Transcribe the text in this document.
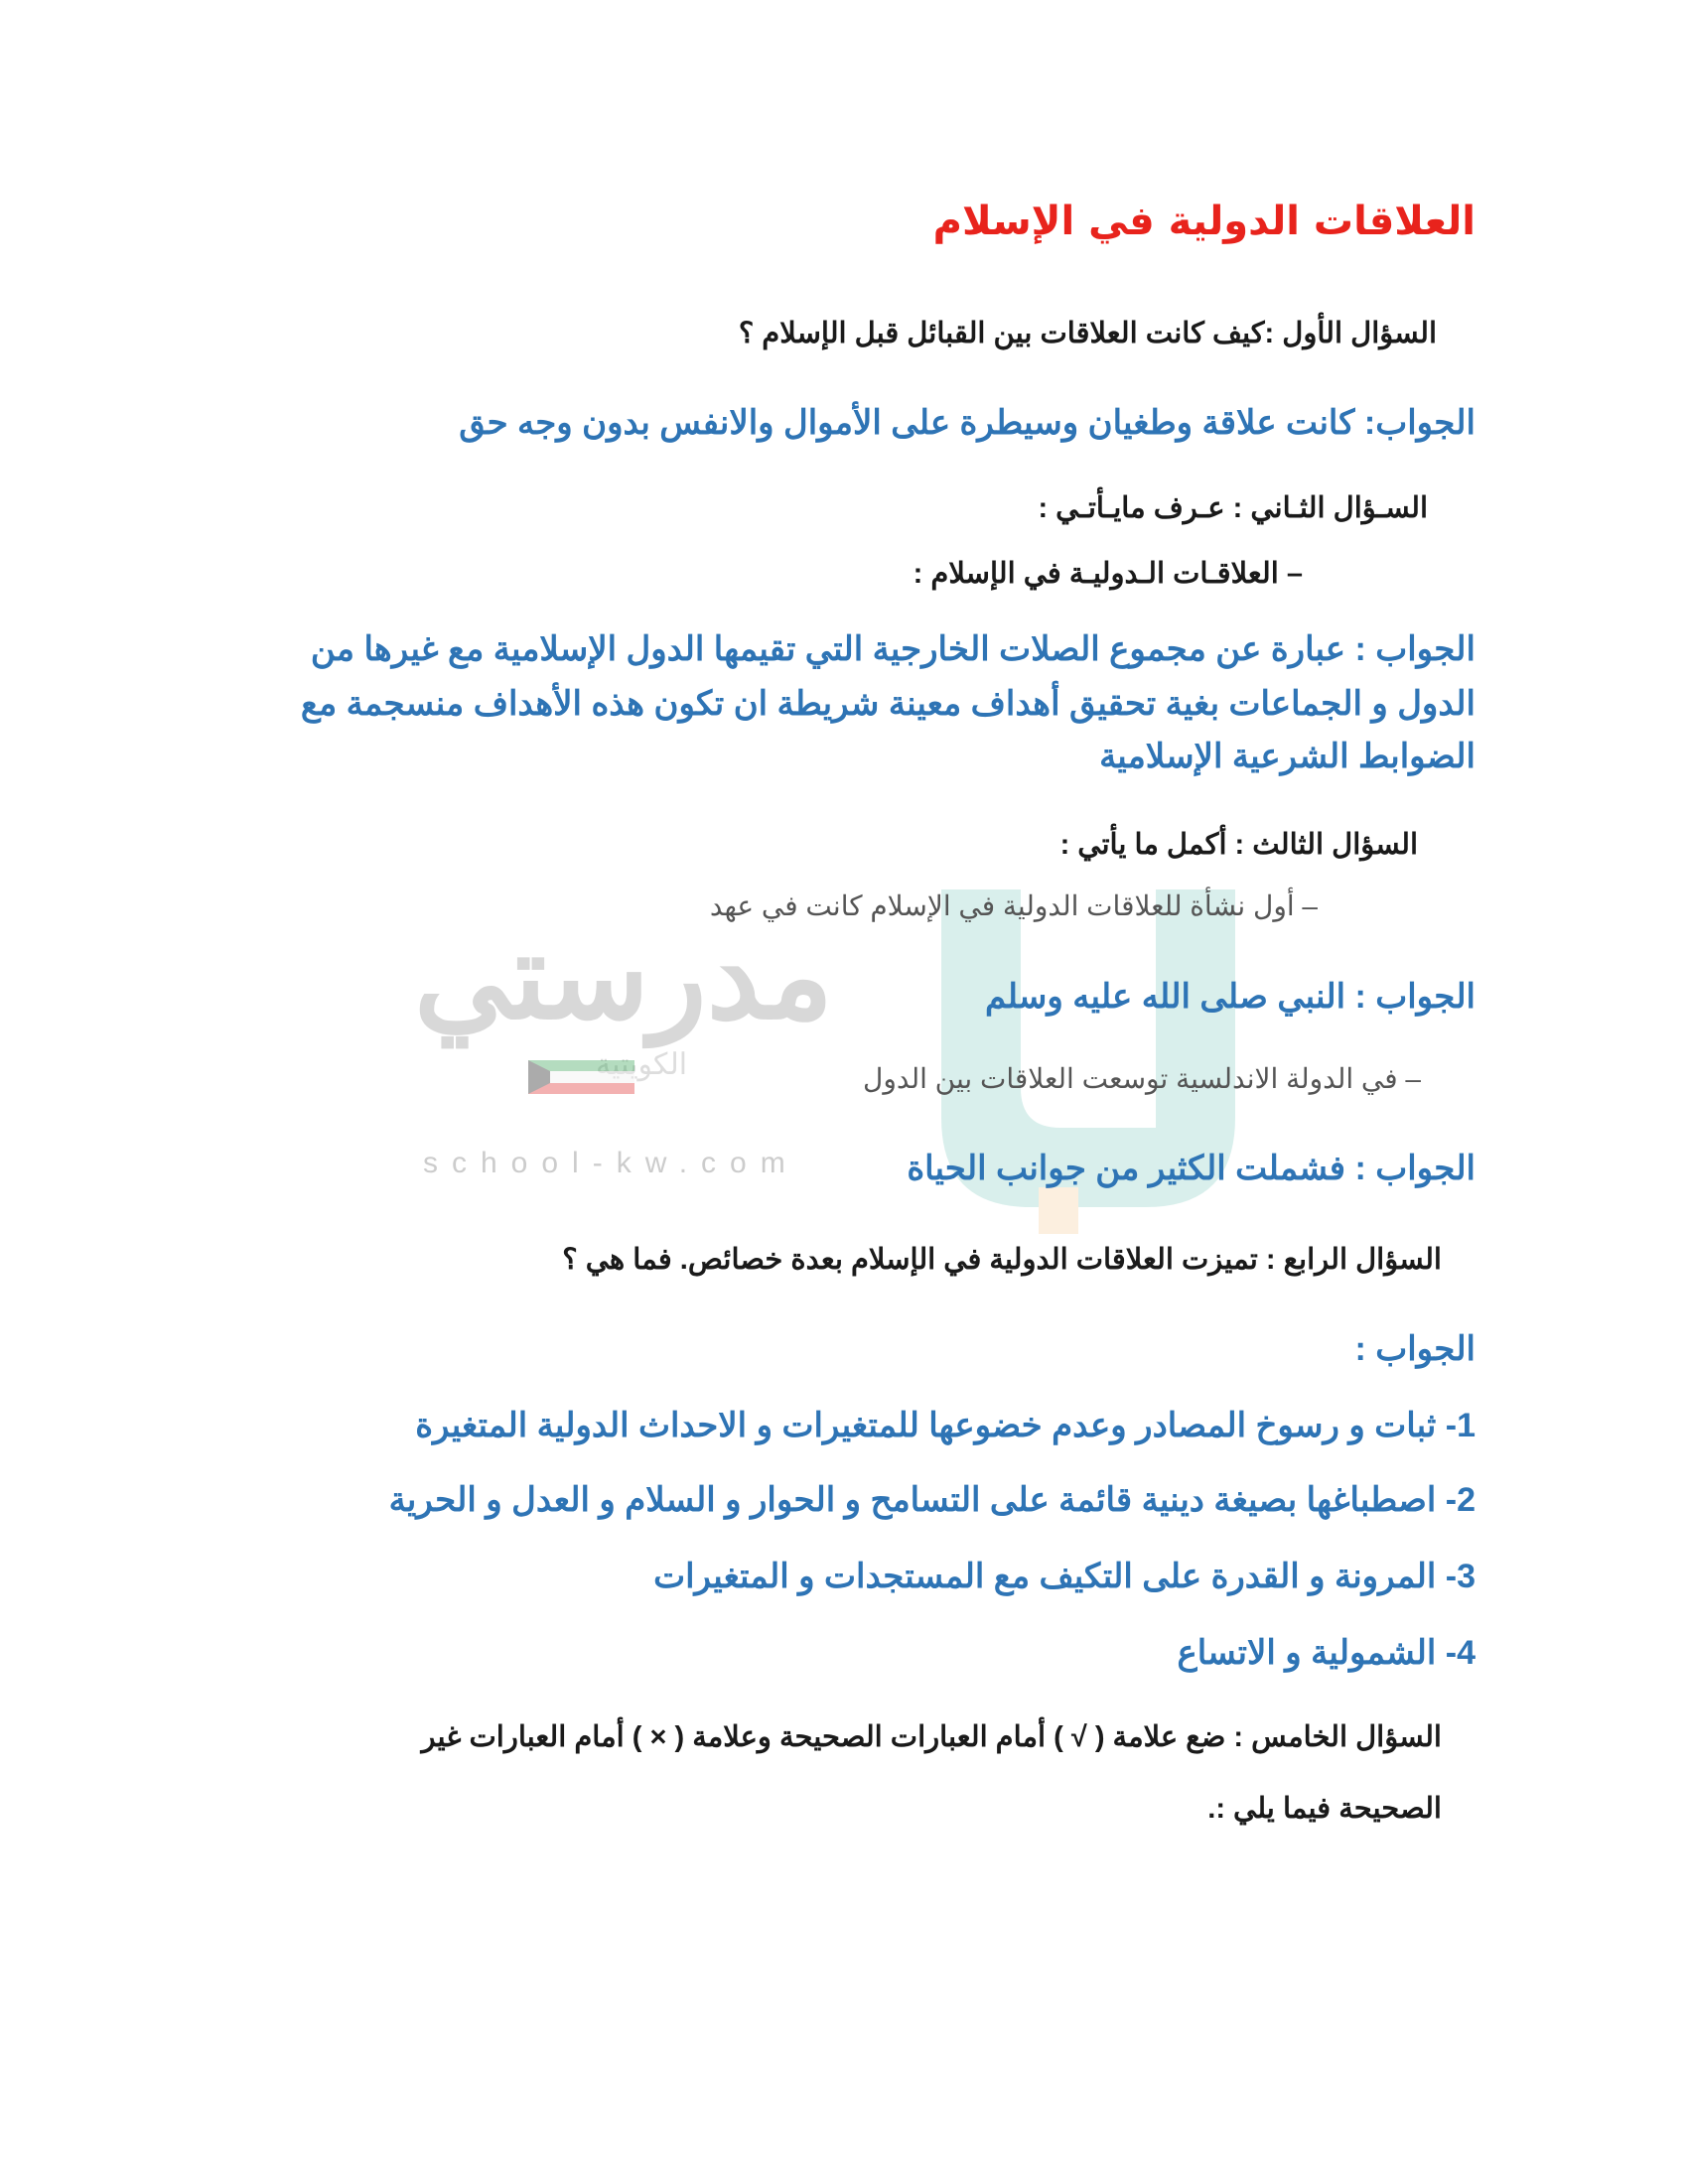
مدرستي
الكويتية
school-kw.com
العلاقات الدولية في الإسلام
السؤال الأول :كيف كانت العلاقات بين القبائل قبل الإسلام ؟
الجواب: كانت علاقة وطغيان وسيطرة على الأموال والانفس بدون وجه حق
السـؤال الثـاني : عـرف مايـأتـي :
– العلاقـات الـدوليـة في الإسلام :
الجواب : عبارة عن مجموع الصلات الخارجية التي تقيمها الدول الإسلامية مع غيرها من
الدول و الجماعات بغية تحقيق أهداف معينة شريطة ان تكون هذه الأهداف منسجمة مع
الضوابط الشرعية الإسلامية
السؤال الثالث : أكمل ما يأتي :
– أول نشأة للعلاقات الدولية في الإسلام كانت في عهد
الجواب : النبي صلى الله عليه وسلم
– في الدولة الاندلسية توسعت العلاقات بين الدول
الجواب : فشملت الكثير من جوانب الحياة
السؤال الرابع : تميزت العلاقات الدولية في الإسلام بعدة خصائص. فما هي ؟
الجواب :
1- ثبات و رسوخ المصادر وعدم خضوعها للمتغيرات و الاحداث الدولية المتغيرة
2- اصطباغها بصيغة دينية قائمة على التسامح و الحوار و السلام و العدل و الحرية
3- المرونة و القدرة على التكيف مع المستجدات و المتغيرات
4- الشمولية و الاتساع
السؤال الخامس : ضع علامة ( √ ) أمام العبارات الصحيحة وعلامة ( × ) أمام العبارات غير
الصحيحة فيما يلي :.
